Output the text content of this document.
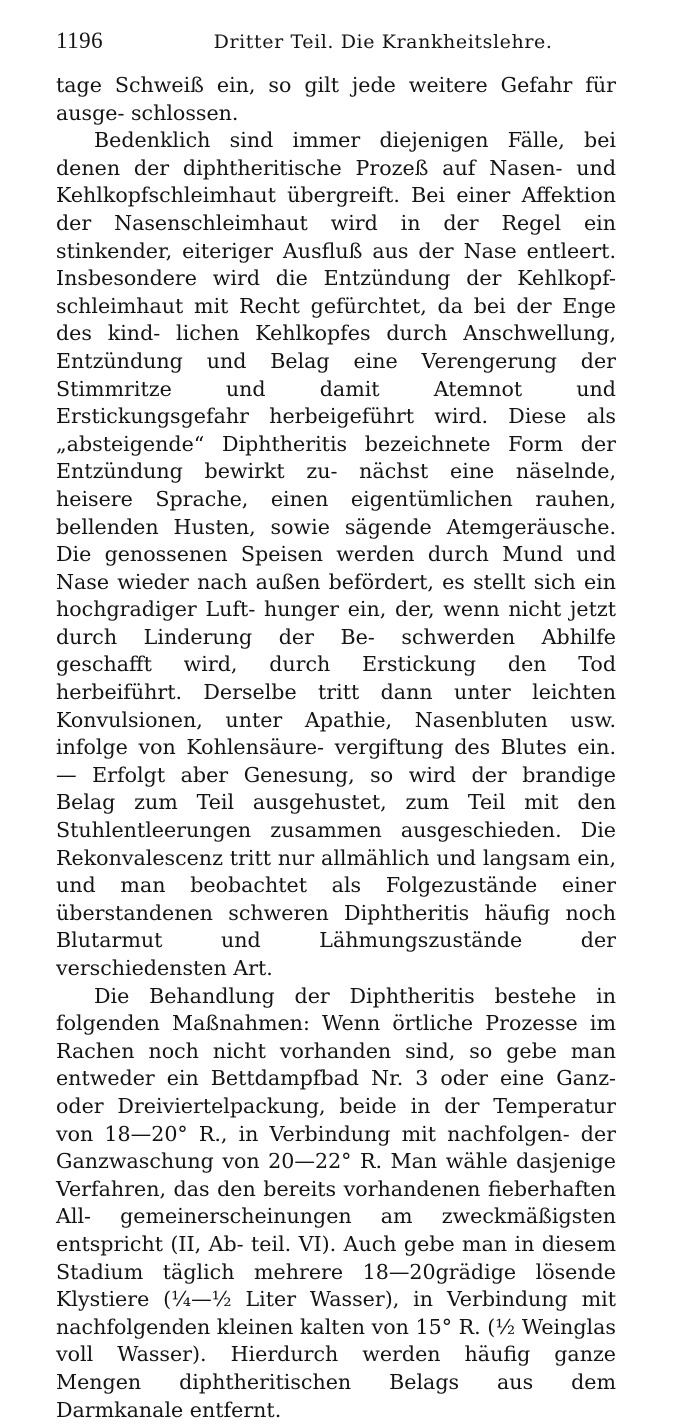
1196	Dritter Teil. Die Krankheitslehre.

tage Schweiß ein, so gilt jede weitere Gefahr für ausge- schlossen.

Bedenklich sind immer diejenigen Fälle, bei denen der diphtheritische Prozeß auf Nasen- und Kehlkopfschleimhaut übergreift. Bei einer Affektion der Nasenschleimhaut wird in der Regel ein stinkender, eiteriger Ausfluß aus der Nase entleert. Insbesondere wird die Entzündung der Kehlkopf- schleimhaut mit Recht gefürchtet, da bei der Enge des kind- lichen Kehlkopfes durch Anschwellung, Entzündung und Belag eine Verengerung der Stimmritze und damit Atemnot und Erstickungsgefahr herbeigeführt wird. Diese als „absteigende“ Diphtheritis bezeichnete Form der Entzündung bewirkt zu- nächst eine näselnde, heisere Sprache, einen eigentümlichen rauhen, bellenden Husten, sowie sägende Atemgeräusche. Die genossenen Speisen werden durch Mund und Nase wieder nach außen befördert, es stellt sich ein hochgradiger Luft- hunger ein, der, wenn nicht jetzt durch Linderung der Be- schwerden Abhilfe geschafft wird, durch Erstickung den Tod herbeiführt. Derselbe tritt dann unter leichten Konvulsionen, unter Apathie, Nasenbluten usw. infolge von Kohlensäure- vergiftung des Blutes ein. — Erfolgt aber Genesung, so wird der brandige Belag zum Teil ausgehustet, zum Teil mit den Stuhlentleerungen zusammen ausgeschieden. Die Rekonvalescenz tritt nur allmählich und langsam ein, und man beobachtet als Folgezustände einer überstandenen schweren Diphtheritis häufig noch Blutarmut und Lähmungszustände der verschiedensten Art.

Die Behandlung der Diphtheritis bestehe in folgenden Maßnahmen: Wenn örtliche Prozesse im Rachen noch nicht vorhanden sind, so gebe man entweder ein Bettdampfbad Nr. 3 oder eine Ganz- oder Dreiviertelpackung, beide in der Temperatur von 18—20° R., in Verbindung mit nachfolgen- der Ganzwaschung von 20—22° R. Man wähle dasjenige Verfahren, das den bereits vorhandenen fieberhaften All- gemeinerscheinungen am zweckmäßigsten entspricht (II, Ab- teil. VI). Auch gebe man in diesem Stadium täglich mehrere 18—20grädige lösende Klystiere (¼—½ Liter Wasser), in Verbindung mit nachfolgenden kleinen kalten von 15° R. (½ Weinglas voll Wasser). Hierdurch werden häufig ganze Mengen diphtheritischen Belags aus dem Darmkanale entfernt.
